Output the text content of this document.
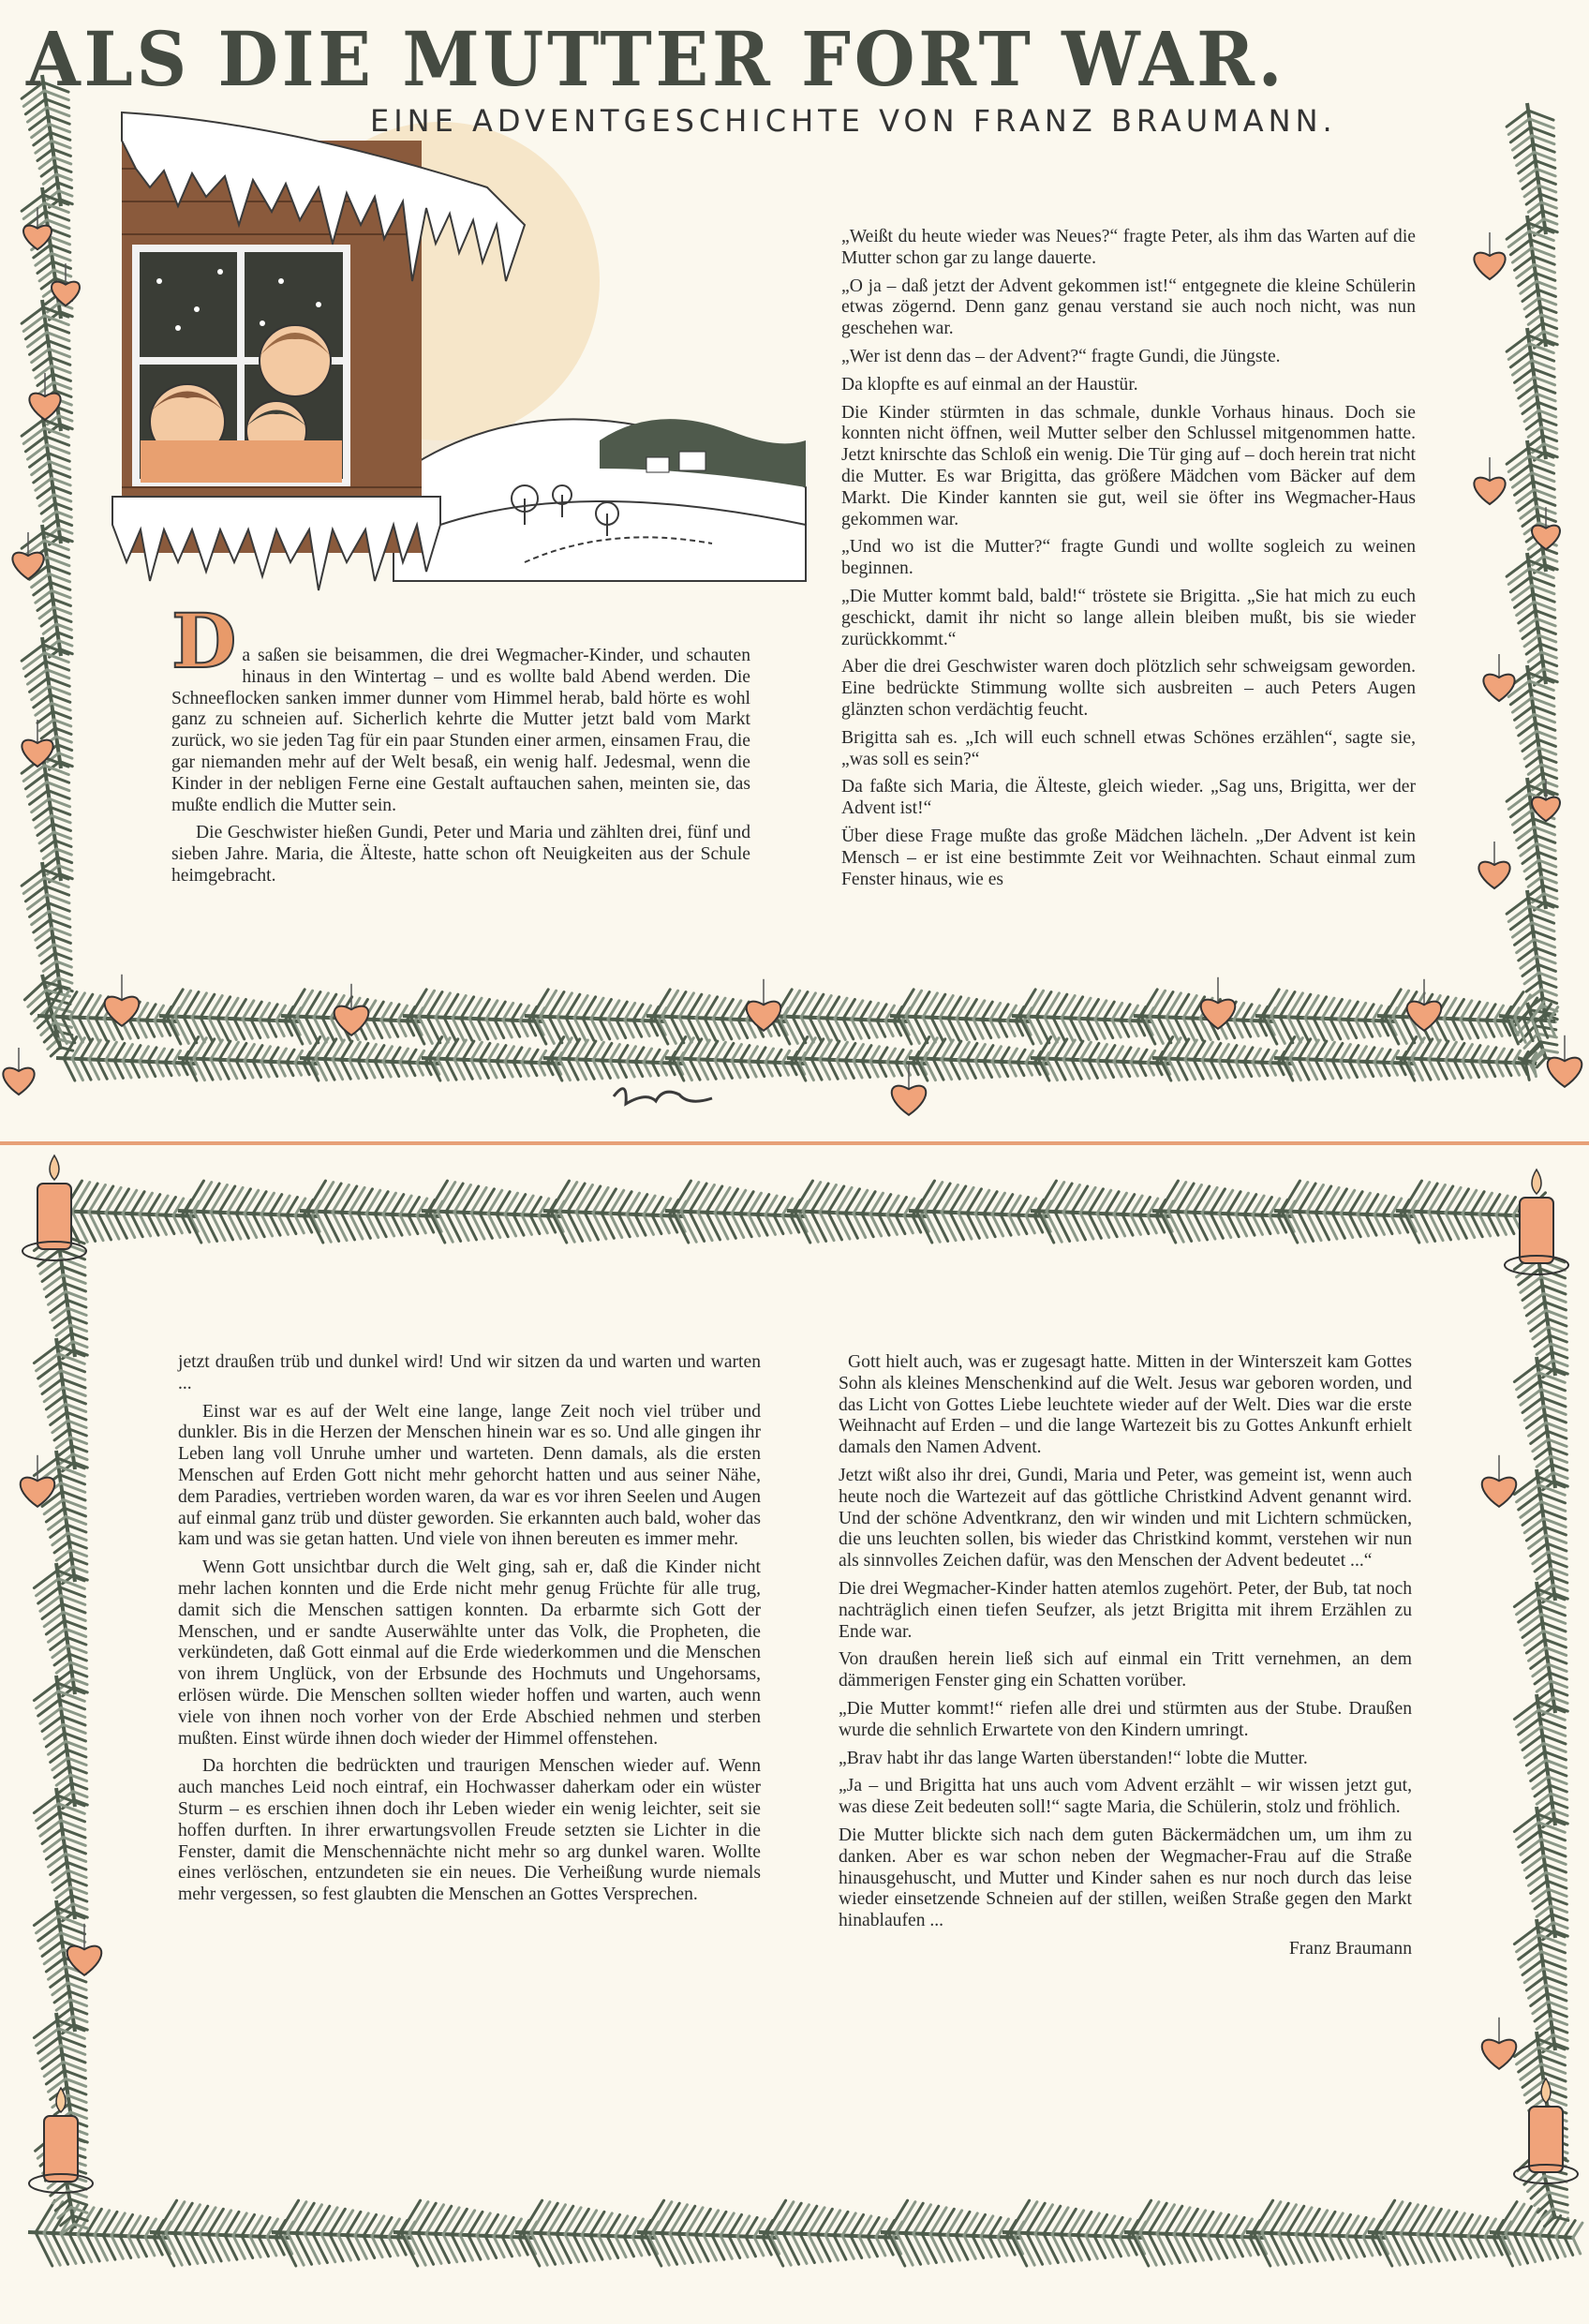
ALS DIE MUTTER FORT WAR.
EINE ADVENTGESCHICHTE VON FRANZ BRAUMANN.

Da saßen sie beisammen, die drei Wegmacher-Kinder, und schauten hinaus in den Wintertag – und es wollte bald Abend werden. Die Schneeflocken sanken immer dunner vom Himmel herab, bald hörte es wohl ganz zu schneien auf. Sicherlich kehrte die Mutter jetzt bald vom Markt zurück, wo sie jeden Tag für ein paar Stunden einer armen, einsamen Frau, die gar niemanden mehr auf der Welt besaß, ein wenig half. Jedesmal, wenn die Kinder in der nebligen Ferne eine Gestalt auftauchen sahen, meinten sie, das mußte endlich die Mutter sein.

Die Geschwister hießen Gundi, Peter und Maria und zählten drei, fünf und sieben Jahre. Maria, die Älteste, hatte schon oft Neuigkeiten aus der Schule heimgebracht.

„Weißt du heute wieder was Neues?“ fragte Peter, als ihm das Warten auf die Mutter schon gar zu lange dauerte.

„O ja – daß jetzt der Advent gekommen ist!“ entgegnete die kleine Schülerin etwas zögernd. Denn ganz genau verstand sie auch noch nicht, was nun geschehen war.

„Wer ist denn das – der Advent?“ fragte Gundi, die Jüngste.

Da klopfte es auf einmal an der Haustür.

Die Kinder stürmten in das schmale, dunkle Vorhaus hinaus. Doch sie konnten nicht öffnen, weil Mutter selber den Schlussel mitgenommen hatte. Jetzt knirschte das Schloß ein wenig. Die Tür ging auf – doch herein trat nicht die Mutter. Es war Brigitta, das größere Mädchen vom Bäcker auf dem Markt. Die Kinder kannten sie gut, weil sie öfter ins Wegmacher-Haus gekommen war.

„Und wo ist die Mutter?“ fragte Gundi und wollte sogleich zu weinen beginnen.

„Die Mutter kommt bald, bald!“ tröstete sie Brigitta. „Sie hat mich zu euch geschickt, damit ihr nicht so lange allein bleiben mußt, bis sie wieder zurückkommt.“

Aber die drei Geschwister waren doch plötzlich sehr schweigsam geworden. Eine bedrückte Stimmung wollte sich ausbreiten – auch Peters Augen glänzten schon verdächtig feucht.

Brigitta sah es. „Ich will euch schnell etwas Schönes erzählen“, sagte sie, „was soll es sein?“

Da faßte sich Maria, die Älteste, gleich wieder. „Sag uns, Brigitta, wer der Advent ist!“

Über diese Frage mußte das große Mädchen lächeln. „Der Advent ist kein Mensch – er ist eine bestimmte Zeit vor Weihnachten. Schaut einmal zum Fenster hinaus, wie es

jetzt draußen trüb und dunkel wird! Und wir sitzen da und warten und warten ...

Einst war es auf der Welt eine lange, lange Zeit noch viel trüber und dunkler. Bis in die Herzen der Menschen hinein war es so. Und alle gingen ihr Leben lang voll Unruhe umher und warteten. Denn damals, als die ersten Menschen auf Erden Gott nicht mehr gehorcht hatten und aus seiner Nähe, dem Paradies, vertrieben worden waren, da war es vor ihren Seelen und Augen auf einmal ganz trüb und düster geworden. Sie erkannten auch bald, woher das kam und was sie getan hatten. Und viele von ihnen bereuten es immer mehr.

Wenn Gott unsichtbar durch die Welt ging, sah er, daß die Kinder nicht mehr lachen konnten und die Erde nicht mehr genug Früchte für alle trug, damit sich die Menschen sattigen konnten. Da erbarmte sich Gott der Menschen, und er sandte Auserwählte unter das Volk, die Propheten, die verkündeten, daß Gott einmal auf die Erde wiederkommen und die Menschen von ihrem Unglück, von der Erbsunde des Hochmuts und Ungehorsams, erlösen würde. Die Menschen sollten wieder hoffen und warten, auch wenn viele von ihnen noch vorher von der Erde Abschied nehmen und sterben mußten. Einst würde ihnen doch wieder der Himmel offenstehen.

Da horchten die bedrückten und traurigen Menschen wieder auf. Wenn auch manches Leid noch eintraf, ein Hochwasser daherkam oder ein wüster Sturm – es erschien ihnen doch ihr Leben wieder ein wenig leichter, seit sie hoffen durften. In ihrer erwartungsvollen Freude setzten sie Lichter in die Fenster, damit die Menschennächte nicht mehr so arg dunkel waren. Wollte eines verlöschen, entzundeten sie ein neues. Die Verheißung wurde niemals mehr vergessen, so fest glaubten die Menschen an Gottes Versprechen.

Gott hielt auch, was er zugesagt hatte. Mitten in der Winterszeit kam Gottes Sohn als kleines Menschenkind auf die Welt. Jesus war geboren worden, und das Licht von Gottes Liebe leuchtete wieder auf der Welt. Dies war die erste Weihnacht auf Erden – und die lange Wartezeit bis zu Gottes Ankunft erhielt damals den Namen Advent.

Jetzt wißt also ihr drei, Gundi, Maria und Peter, was gemeint ist, wenn auch heute noch die Wartezeit auf das göttliche Christkind Advent genannt wird. Und der schöne Adventkranz, den wir winden und mit Lichtern schmücken, die uns leuchten sollen, bis wieder das Christkind kommt, verstehen wir nun als sinnvolles Zeichen dafür, was den Menschen der Advent bedeutet ...“

Die drei Wegmacher-Kinder hatten atemlos zugehört. Peter, der Bub, tat noch nachträglich einen tiefen Seufzer, als jetzt Brigitta mit ihrem Erzählen zu Ende war.

Von draußen herein ließ sich auf einmal ein Tritt vernehmen, an dem dämmerigen Fenster ging ein Schatten vorüber.

„Die Mutter kommt!“ riefen alle drei und stürmten aus der Stube. Draußen wurde die sehnlich Erwartete von den Kindern umringt.

„Brav habt ihr das lange Warten überstanden!“ lobte die Mutter.

„Ja – und Brigitta hat uns auch vom Advent erzählt – wir wissen jetzt gut, was diese Zeit bedeuten soll!“ sagte Maria, die Schülerin, stolz und fröhlich.

Die Mutter blickte sich nach dem guten Bäckermädchen um, um ihm zu danken. Aber es war schon neben der Wegmacher-Frau auf die Straße hinausgehuscht, und Mutter und Kinder sahen es nur noch durch das leise wieder einsetzende Schneien auf der stillen, weißen Straße gegen den Markt hinablaufen ...

Franz Braumann
